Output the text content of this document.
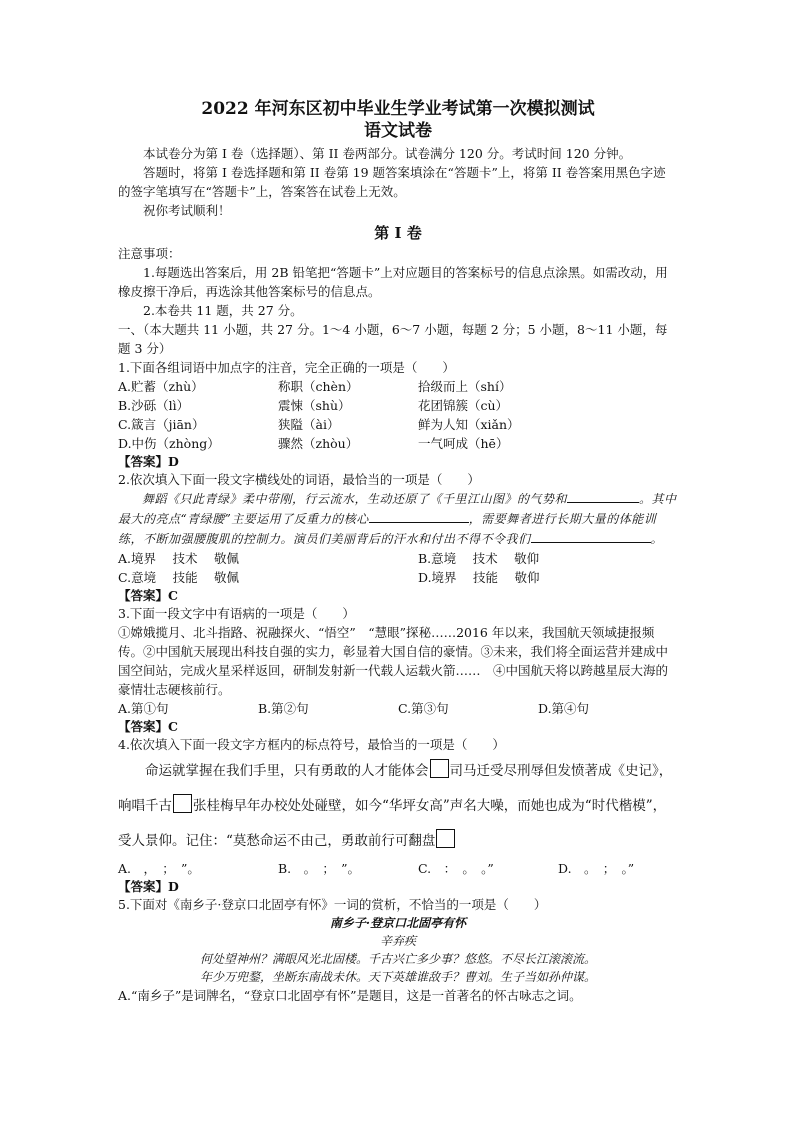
2022 年河东区初中毕业生学业考试第一次模拟测试
语文试卷

本试卷分为第 I 卷（选择题）、第 II 卷两部分。试卷满分 120 分。考试时间 120 分钟。

答题时，将第 I 卷选择题和第 II 卷第 19 题答案填涂在“答题卡”上，将第 II 卷答案用黑色字迹的签字笔填写在“答题卡”上，答案答在试卷上无效。

祝你考试顺利！

第 I 卷

注意事项：

1.每题选出答案后，用 2B 铅笔把“答题卡”上对应题目的答案标号的信息点涂黑。如需改动，用橡皮擦干净后，再选涂其他答案标号的信息点。

2.本卷共 11 题，共 27 分。

一、（本大题共 11 小题，共 27 分。1～4 小题，6～7 小题，每题 2 分；5 小题，8～11 小题，每题 3 分）

1.下面各组词语中加点字的注音，完全正确的一项是（　　）

A.贮蓄（zhù）	称职（chèn）	拾级而上（shí）
B.沙砾（lì）	震悚（shù）	花团锦簇（cù）
C.箴言（jiān）	狭隘（ài）	鲜为人知（xiǎn）
D.中伤（zhòng）	骤然（zhòu）	一气呵成（hē）

【答案】D

2.依次填入下面一段文字横线处的词语，最恰当的一项是（　　）

舞蹈《只此青绿》柔中带刚，行云流水，生动还原了《千里江山图》的气势和	。其中最大的亮点“青绿腰”主要运用了反重力的核心	，需要舞者进行长期大量的体能训练，不断加强腰腹肌的控制力。演员们美丽背后的汗水和付出不得不令我们	。

A.境界　 技术　 敬佩	B.意境　 技术　 敬仰
C.意境　 技能　 敬佩	D.境界　 技能　 敬仰

【答案】C

3.下面一段文字中有语病的一项是（　　）

①嫦娥揽月、北斗指路、祝融探火、“悟空”　“慧眼”探秘……2016 年以来，我国航天领域捷报频传。②中国航天展现出科技自强的实力，彰显着大国自信的豪情。③未来，我们将全面运营并建成中国空间站，完成火星采样返回，研制发射新一代载人运载火箭……　④中国航天将以跨越星辰大海的豪情壮志硬核前行。

A.第①句	B.第②句	C.第③句	D.第④句

【答案】C

4.依次填入下面一段文字方框内的标点符号，最恰当的一项是（　　）

命运就掌握在我们手里，只有勇敢的人才能体会 司马迁受尽刑辱但发愤著成《史记》，响唱千古 张桂梅早年办校处处碰壁，如今“华坪女高”声名大噪，而她也成为“时代楷模”，受人景仰。记住：“莫愁命运不由己，勇敢前行可翻盘

A.　，　；　”。	B.　。　；　”。	C.　：　。　。”	D.　。　；　。”

【答案】D

5.下面对《南乡子·登京口北固亭有怀》一词的赏析，不恰当的一项是（　　）

南乡子·登京口北固亭有怀
辛弃疾
何处望神州？满眼风光北固楼。千古兴亡多少事？悠悠。不尽长江滚滚流。
年少万兜鍪，坐断东南战未休。天下英雄谁敌手？曹刘。生子当如孙仲谋。

A.“南乡子”是词牌名，“登京口北固亭有怀”是题目，这是一首著名的怀古咏志之词。
